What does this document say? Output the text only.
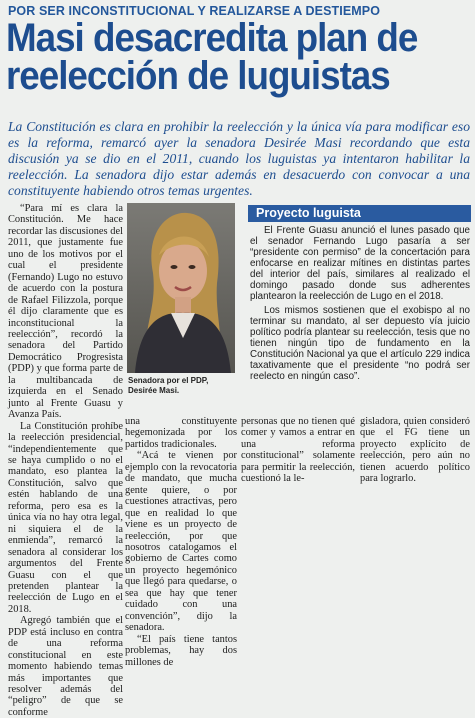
POR SER INCONSTITUCIONAL Y REALIZARSE A DESTIEMPO
Masi desacredita plan de
reelección de luguistas
La Constitución es clara en prohibir la reelección y la única vía para modificar eso es la reforma, remarcó ayer la senadora Desirée Masi recordando que esta discusión ya se dio en el 2011, cuando los luguistas ya intentaron habilitar la reelección. La senadora dijo estar además en desacuerdo con convocar a una constituyente habiendo otros temas urgentes.

“Para mí es clara la Constitución. Me hace recordar las discusiones del 2011, que justamente fue uno de los motivos por el cual el presidente (Fernando) Lugo no estuvo de acuerdo con la postura de Rafael Filizzola, porque él dijo claramente que es inconstitucional la reelección”, recordó la senadora del Partido Democrático Progresista (PDP) y que forma parte de la multibancada de izquierda en el Senado junto al Frente Guasu y Avanza País.

La Constitución prohíbe la reelección presidencial, “independientemente que se haya cumplido o no el mandato, eso plantea la Constitución, salvo que estén hablando de una reforma, pero esa es la única vía no hay otra legal, ni siquiera el de la enmienda”, remarcó la senadora al considerar los argumentos del Frente Guasu con el que pretenden plantear la reelección de Lugo en el 2018.

Agregó también que el PDP está incluso en contra de una reforma constitucional en este momento habiendo temas más importantes que resolver además del “peligro” de que se conforme

Senadora por el PDP, Desirée Masi.
Proyecto luguista

El Frente Guasu anunció el lunes pasado que el senador Fernando Lugo pasaría a ser “presidente con permiso” de la concertación para enfocarse en realizar mítines en distintas partes del interior del país, similares al realizado el domingo pasado donde sus adherentes plantearon la reelección de Lugo en el 2018.

Los mismos sostienen que el exobispo al no terminar su mandato, al ser depuesto vía juicio político podría plantear su reelección, tesis que no tienen ningún tipo de fundamento en la Constitución Nacional ya que el artículo 229 indica taxativamente que el presidente “no podrá ser reelecto en ningún caso”.

una constituyente hegemonizada por los partidos tradicionales.

“Acá te vienen por ejemplo con la revocatoria de mandato, que mucha gente quiere, o por cuestiones atractivas, pero que en realidad lo que viene es un proyecto de reelección, por que nosotros catalogamos el gobierno de Cartes como un proyecto hegemónico que llegó para quedarse, o sea que hay que tener cuidado con una convención”, dijo la senadora.

“El país tiene tantos problemas, hay dos millones de

personas que no tienen qué comer y vamos a entrar en una reforma constitucional” solamente para permitir la reelección, cuestionó la le-

gisladora, quien consideró que el FG tiene un proyecto explícito de reelección, pero aún no tienen acuerdo político para lograrlo.
